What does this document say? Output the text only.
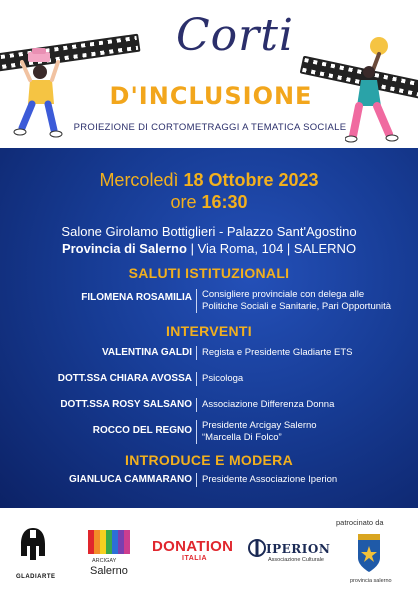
Corti
D'INCLUSIONE
PROIEZIONE DI CORTOMETRAGGI A TEMATICA SOCIALE
Mercoledì 18 Ottobre 2023
ore 16:30
Salone Girolamo Bottiglieri - Palazzo Sant'Agostino
Provincia di Salerno | Via Roma, 104 | SALERNO
SALUTI ISTITUZIONALI
FILOMENA ROSAMILIA Consigliere provinciale con delega alle Politiche Sociali e Sanitarie, Pari Opportunità
INTERVENTI
VALENTINA GALDI Regista e Presidente Gladiarte ETS
DOTT.SSA CHIARA AVOSSA Psicologa
DOTT.SSA ROSY SALSANO Associazione Differenza Donna
ROCCO DEL REGNO Presidente Arcigay Salerno “Marcella Di Folco”
INTRODUCE E MODERA
GIANLUCA CAMMARANO Presidente Associazione Iperion
patrocinato da
GLADIARTE
ARCIGAY
Salerno
DONATION
ITALIA
IPERION
Associazione Culturale
provincia salerno
